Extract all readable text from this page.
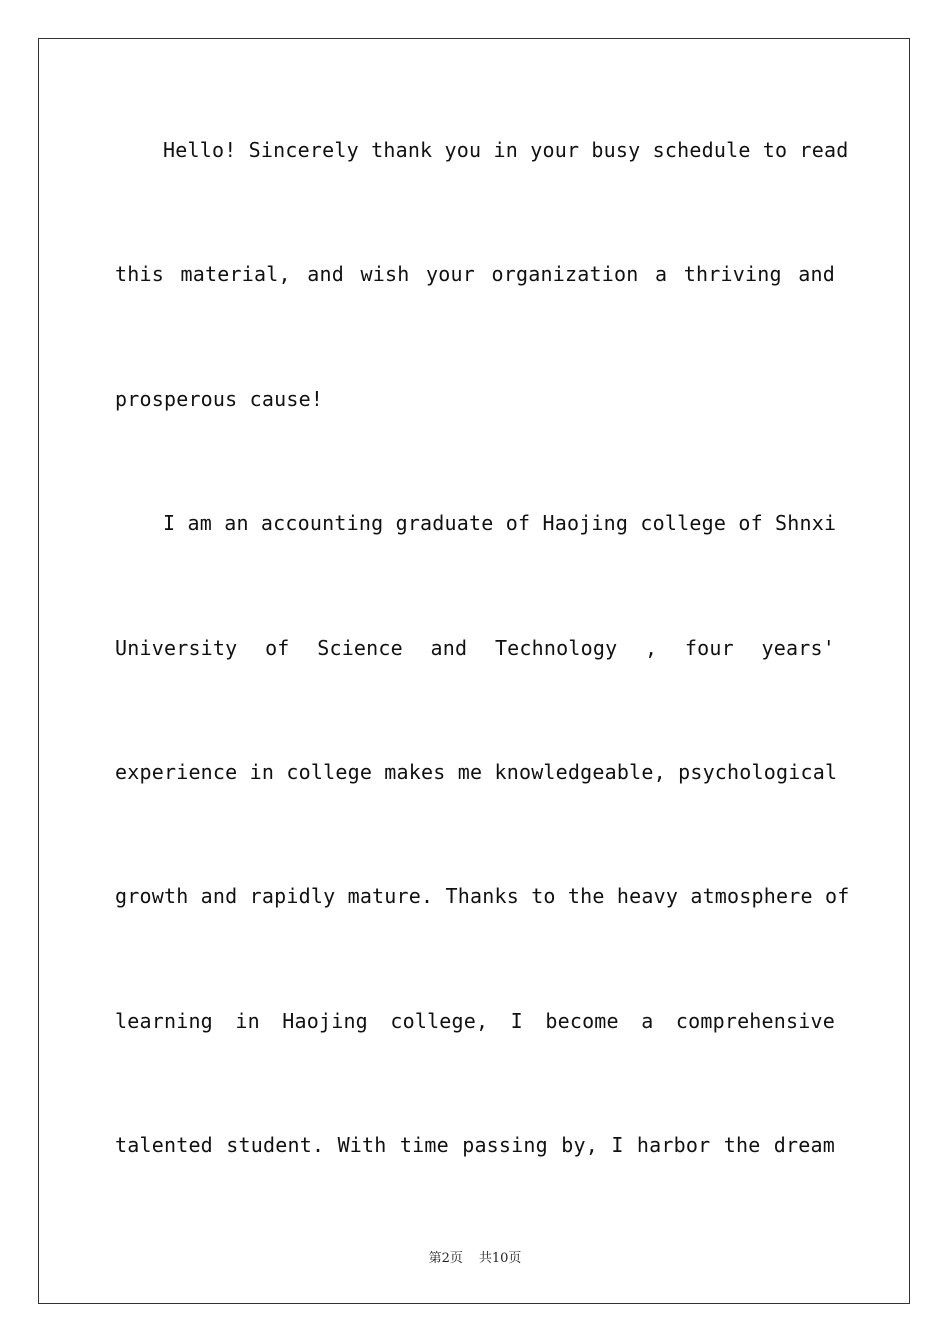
Hello! Sincerely thank you in your busy schedule to read
this material, and wish your organization a thriving and
prosperous cause!
I am an accounting graduate of Haojing college of Shnxi
University of Science and Technology , four years'
experience in college makes me knowledgeable, psychological
growth and rapidly mature. Thanks to the heavy atmosphere of
learning in Haojing college, I become a comprehensive
talented student. With time passing by, I harbor the dream
第2页 共10页
